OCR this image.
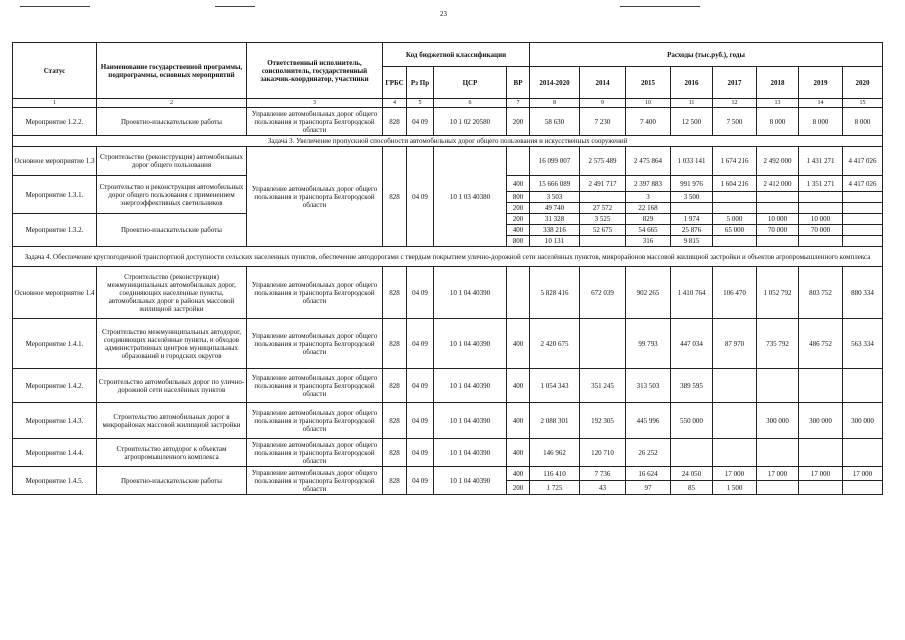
23
Статус	Наименование государственной программы, подпрограммы, основных мероприятий	Ответственный исполнитель, соисполнитель, государственный заказчик-координатор, участники	Код бюджетной классификации				Расходы (тыс.руб.), годы							
			ГРБС	Рз Пр	ЦСР	ВР	2014-2020	2014	2015	2016	2017	2018	2019	2020
1	2	3	4	5	6	7	8	9	10	11	12	13	14	15
Мероприятие 1.2.2.	Проектно-изыскательские работы	Управление автомобильных дорог общего пользования и транспорта Белгородской области	828	04 09	10 1 02 20580	200	58 630	7 230	7 400	12 500	7 500	8 000	8 000	8 000
Задача 3. Увеличение пропускной способности автомобильных дорог общего пользования и искусственных сооружений														
Основное мероприятие 1.3	Строительство (реконструкция) автомобильных дорог общего пользования	Управление автомобильных дорог общего пользования и транспорта Белгородской области	828	04 09	10 1 03 40380		16 099 007	2 575 489	2 475 864	1 033 141	1 674 216	2 492 000	1 431 271	4 417 026
Мероприятие 1.3.1.	Строительство и реконструкция автомобильных дорог общего пользования с применением энергоэффективных светильников					400	15 666 089	2 491 717	2 397 883	991 976	1 604 216	2 412 000	1 351 271	4 417 026
						800	3 503		3	3 500				
						200	49 740	27 572	22 168					
Мероприятие 1.3.2.	Проектно-изыскательские работы					200	31 328	3 525	829	1 974	5 000	10 000	10 000	
						400	338 216	52 675	54 665	25 876	65 000	70 000	70 000	
						800	10 131		316	9 815				
Задача 4. Обеспечение круглогодичной транспортной доступности сельских населенных пунктов, обеспечение автодорогами с твердым покрытием улично-дорожной сети населённых пунктов, микрорайонов массовой жилищной застройки и объектов агропромышленного комплекса														
Основное мероприятие 1.4	Строительство (реконструкция) межмуниципальных автомобильных дорог, соединяющих населенные пункты, автомобильных дорог в районах массовой жилищной застройки	Управление автомобильных дорог общего пользования и транспорта Белгородской области	828	04 09	10 1 04 40390		5 828 416	672 039	902 265	1 410 764	106 470	1 052 792	803 752	880 334
Мероприятие 1.4.1.	Строительство межмуниципальных автодорог, соединяющих населённые пункты, и обходов административных центров муниципальных образований и городских округов	Управление автомобильных дорог общего пользования и транспорта Белгородской области	828	04 09	10 1 04 40390	400	2 420 675		99 793	447 034	87 970	735 792	486 752	563 334
Мероприятие 1.4.2.	Строительство автомобильных дорог по улично-дорожной сети населённых пунктов	Управление автомобильных дорог общего пользования и транспорта Белгородской области	828	04 09	10 1 04 40390	400	1 054 343	351 245	313 503	389 595				
Мероприятие 1.4.3.	Строительство автомобильных дорог в микрорайонах массовой жилищной застройки	Управление автомобильных дорог общего пользования и транспорта Белгородской области	828	04 09	10 1 04 40390	400	2 088 301	192 305	445 996	550 000		300 000	300 000	300 000
Мероприятие 1.4.4.	Строительство автодорог к объектам агропромышленного комплекса	Управление автомобильных дорог общего пользования и транспорта Белгородской области	828	04 09	10 1 04 40390	400	146 962	120 710	26 252					
Мероприятие 1.4.5.	Проектно-изыскательские работы	Управление автомобильных дорог общего пользования и транспорта Белгородской области	828	04 09	10 1 04 40390	400	116 410	7 736	16 624	24 050	17 000	17 000	17 000	17 000
						200	1 725	43	97	85	1 500			
